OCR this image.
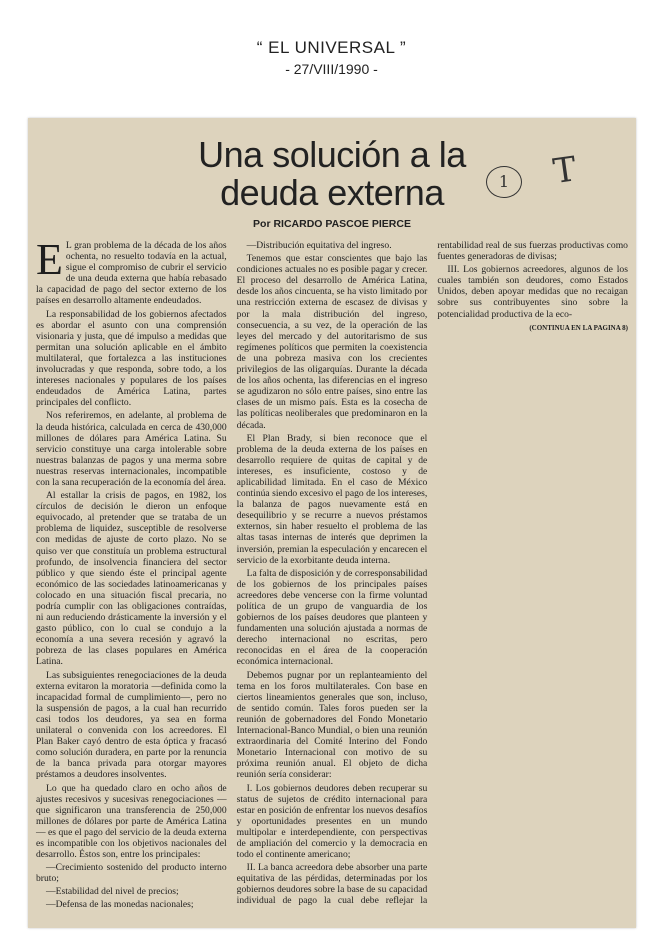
“ EL UNIVERSAL ”
- 27/VIII/1990 -
Una solución a la
deuda externa	1	T
Por RICARDO PASCOE PIERCE

E L gran problema de la década de los años ochenta, no resuelto todavía en la actual, sigue el compromiso de cubrir el servicio de una deuda externa que había rebasado la capacidad de pago del sector externo de los países en desarrollo altamente endeudados.

La responsabilidad de los gobiernos afectados es abordar el asunto con una comprensión visionaria y justa, que dé impulso a medidas que permitan una solución aplicable en el ámbito multilateral, que fortalezca a las instituciones involucradas y que responda, sobre todo, a los intereses nacionales y populares de los países endeudados de América Latina, partes principales del conflicto.

Nos referiremos, en adelante, al problema de la deuda histórica, calculada en cerca de 430,000 millones de dólares para América Latina. Su servicio constituye una carga intolerable sobre nuestras balanzas de pagos y una merma sobre nuestras reservas internacionales, incompatible con la sana recuperación de la economía del área.

Al estallar la crisis de pagos, en 1982, los círculos de decisión le dieron un enfoque equivocado, al pretender que se trataba de un problema de liquidez, susceptible de resolverse con medidas de ajuste de corto plazo. No se quiso ver que constituía un problema estructural profundo, de insolvencia financiera del sector público y que siendo éste el principal agente económico de las sociedades latinoamericanas y colocado en una situación fiscal precaria, no podría cumplir con las obligaciones contraídas, ni aun reduciendo drásticamente la inversión y el gasto público, con lo cual se condujo a la economía a una severa recesión y agravó la pobreza de las clases populares en América Latina.

Las subsiguientes renegociaciones de la deuda externa evitaron la moratoria —definida como la incapacidad formal de cumplimiento—, pero no la suspensión de pagos, a la cual han recurrido casi todos los deudores, ya sea en forma unilateral o convenida con los acreedores. El Plan Baker cayó dentro de esta óptica y fracasó como solución duradera, en parte por la renuncia de la banca privada para otorgar mayores préstamos a deudores insolventes.

Lo que ha quedado claro en ocho años de ajustes recesivos y sucesivas renegociaciones —que significaron una transferencia de 250,000 millones de dólares por parte de América Latina— es que el pago del servicio de la deuda externa es incompatible con los objetivos nacionales del desarrollo. Éstos son, entre los principales:

—Crecimiento sostenido del producto interno bruto;

—Estabilidad del nivel de precios;

—Defensa de las monedas nacionales;

—Distribución equitativa del ingreso.

Tenemos que estar conscientes que bajo las condiciones actuales no es posible pagar y crecer. El proceso del desarrollo de América Latina, desde los años cincuenta, se ha visto limitado por una restricción externa de escasez de divisas y por la mala distribución del ingreso, consecuencia, a su vez, de la operación de las leyes del mercado y del autoritarismo de sus regímenes políticos que permiten la coexistencia de una pobreza masiva con los crecientes privilegios de las oligarquías. Durante la década de los años ochenta, las diferencias en el ingreso se agudizaron no sólo entre países, sino entre las clases de un mismo país. Esta es la cosecha de las políticas neoliberales que predominaron en la década.

El Plan Brady, si bien reconoce que el problema de la deuda externa de los países en desarrollo requiere de quitas de capital y de intereses, es insuficiente, costoso y de aplicabilidad limitada. En el caso de México continúa siendo excesivo el pago de los intereses, la balanza de pagos nuevamente está en desequilibrio y se recurre a nuevos préstamos externos, sin haber resuelto el problema de las altas tasas internas de interés que deprimen la inversión, premian la especulación y encarecen el servicio de la exorbitante deuda interna.

La falta de disposición y de corresponsabilidad de los gobiernos de los principales países acreedores debe vencerse con la firme voluntad política de un grupo de vanguardia de los gobiernos de los países deudores que planteen y fundamenten una solución ajustada a normas de derecho internacional no escritas, pero reconocidas en el área de la cooperación económica internacional.

Debemos pugnar por un replanteamiento del tema en los foros multilaterales. Con base en ciertos lineamientos generales que son, incluso, de sentido común. Tales foros pueden ser la reunión de gobernadores del Fondo Monetario Internacional-Banco Mundial, o bien una reunión extraordinaria del Comité Interino del Fondo Monetario Internacional con motivo de su próxima reunión anual. El objeto de dicha reunión sería considerar:

I. Los gobiernos deudores deben recuperar su status de sujetos de crédito internacional para estar en posición de enfrentar los nuevos desafíos y oportunidades presentes en un mundo multipolar e interdependiente, con perspectivas de ampliación del comercio y la democracia en todo el continente americano;

II. La banca acreedora debe absorber una parte equitativa de las pérdidas, determinadas por los gobiernos deudores sobre la base de su capacidad individual de pago la cual debe reflejar la rentabilidad real de sus fuerzas productivas como fuentes generadoras de divisas;

III. Los gobiernos acreedores, algunos de los cuales también son deudores, como Estados Unidos, deben apoyar medidas que no recaigan sobre sus contribuyentes sino sobre la potencialidad productiva de la eco-

(CONTINUA EN LA PAGINA 8)
